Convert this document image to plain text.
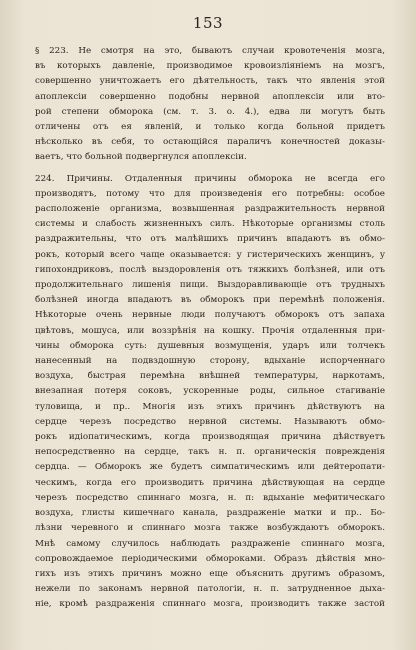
153
§ 223. Не смотря на это, бываютъ случаи кровотеченія мозга,
въ которыхъ давленіе, производимое кровоизліяніемъ на мозгъ,
совершенно уничтожаетъ его дѣятельность, такъ что явленія этой
апоплексіи совершенно подобны нервной апоплексіи или вто-
рой степени обморока (см. т. 3. о. 4.), едва ли могутъ быть
отличены отъ ея явленій, и только когда больной придетъ
нѣсколько въ себя, то остающійся параличъ конечностей доказы-
ваетъ, что больной подвергнулся апоплексіи.
224. Причины. Отдаленныя причины обморока не всегда его
производятъ, потому что для произведенія его потребны: особое
расположеніе организма, возвышенная раздражительность нервной
системы и слабость жизненныхъ силъ. Нѣкоторые организмы столь
раздражительны, что отъ малѣйшихъ причинъ впадаютъ въ обмо-
рокъ, который всего чаще оказывается: у гистерическихъ женщинъ, у
гипохондриковъ, послѣ выздоровленія отъ тяжкихъ болѣзней, или отъ
продолжительнаго лишенія пищи. Выздоравливающіе отъ трудныхъ
болѣзней иногда впадаютъ въ обморокъ при перемѣнѣ положенія.
Нѣкоторые очень нервные люди получаютъ обморокъ отъ запаха
цвѣтовъ, мошуса, или воззрѣнія на кошку. Прочія отдаленныя при-
чины обморока суть: душевныя возмущенія, ударъ или толчекъ
нанесенный на подвздошную сторону, вдыханіе испорченнаго
воздуха, быстрая перемѣна внѣшней температуры, наркотамъ,
внезапная потеря соковъ, ускоренные роды, сильное стагиваніе
туловища, и пр.. Многія изъ этихъ причинъ дѣйствуютъ на
сердце черезъ посредство нервной системы. Называютъ обмо-
рокъ идіопатическимъ, когда производящая причина дѣйствуетъ
непосредственно на сердце, такъ н. п. органическія поврежденія
сердца. — Обморокъ же будетъ симпатическимъ или дейтеропати-
ческимъ, когда его производитъ причина дѣйствующая на сердце
черезъ посредство спиннаго мозга, н. п: вдыханіе мефитическаго
воздуха, глисты кишечнаго канала, раздраженіе матки и пр.. Бо-
лѣзни черевного и спиннаго мозга также возбуждаютъ обморокъ.
Мнѣ самому случилось наблюдать раздраженіе спиннаго мозга,
сопровождаемое періодическими обмороками. Образъ дѣйствія мно-
гихъ изъ этихъ причинъ можно еще объяснить другимъ образомъ,
нежели по законамъ нервной патологіи, н. п. затрудненное дыха-
ніе, кромѣ раздраженія спиннаго мозга, производитъ также застой
